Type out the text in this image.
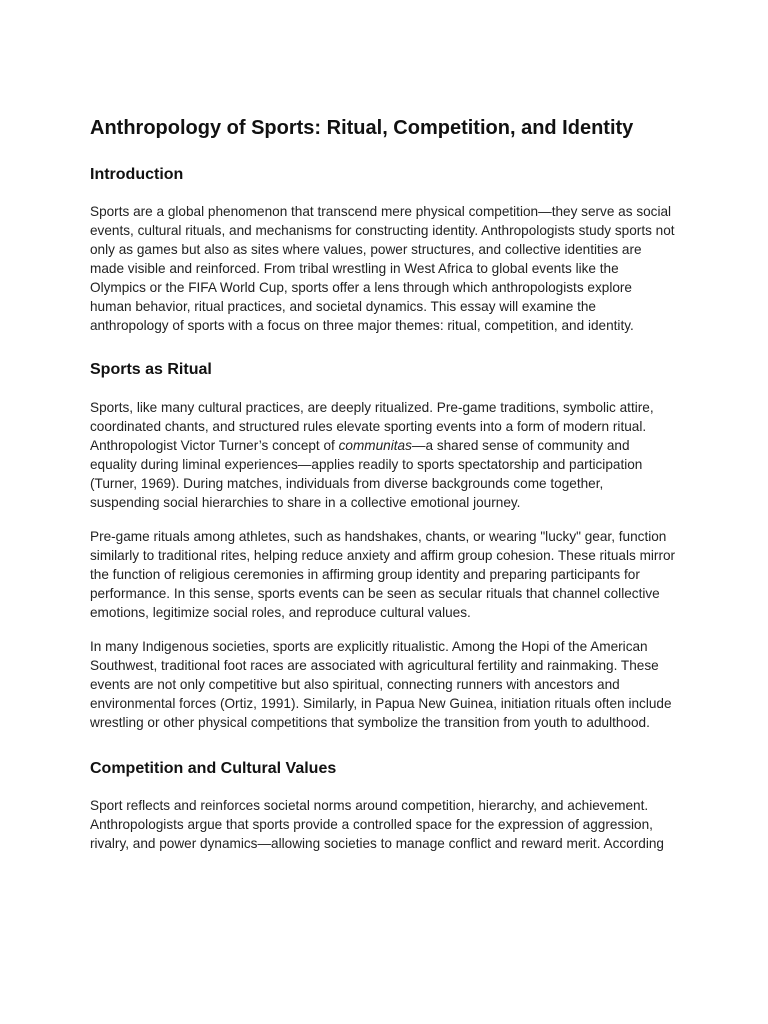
Anthropology of Sports: Ritual, Competition, and Identity
Introduction

Sports are a global phenomenon that transcend mere physical competition—they serve as social events, cultural rituals, and mechanisms for constructing identity. Anthropologists study sports not only as games but also as sites where values, power structures, and collective identities are made visible and reinforced. From tribal wrestling in West Africa to global events like the Olympics or the FIFA World Cup, sports offer a lens through which anthropologists explore human behavior, ritual practices, and societal dynamics. This essay will examine the anthropology of sports with a focus on three major themes: ritual, competition, and identity.

Sports as Ritual

Sports, like many cultural practices, are deeply ritualized. Pre-game traditions, symbolic attire, coordinated chants, and structured rules elevate sporting events into a form of modern ritual. Anthropologist Victor Turner’s concept of communitas—a shared sense of community and equality during liminal experiences—applies readily to sports spectatorship and participation (Turner, 1969). During matches, individuals from diverse backgrounds come together, suspending social hierarchies to share in a collective emotional journey.

Pre-game rituals among athletes, such as handshakes, chants, or wearing "lucky" gear, function similarly to traditional rites, helping reduce anxiety and affirm group cohesion. These rituals mirror the function of religious ceremonies in affirming group identity and preparing participants for performance. In this sense, sports events can be seen as secular rituals that channel collective emotions, legitimize social roles, and reproduce cultural values.

In many Indigenous societies, sports are explicitly ritualistic. Among the Hopi of the American Southwest, traditional foot races are associated with agricultural fertility and rainmaking. These events are not only competitive but also spiritual, connecting runners with ancestors and environmental forces (Ortiz, 1991). Similarly, in Papua New Guinea, initiation rituals often include wrestling or other physical competitions that symbolize the transition from youth to adulthood.

Competition and Cultural Values

Sport reflects and reinforces societal norms around competition, hierarchy, and achievement. Anthropologists argue that sports provide a controlled space for the expression of aggression, rivalry, and power dynamics—allowing societies to manage conflict and reward merit. According
